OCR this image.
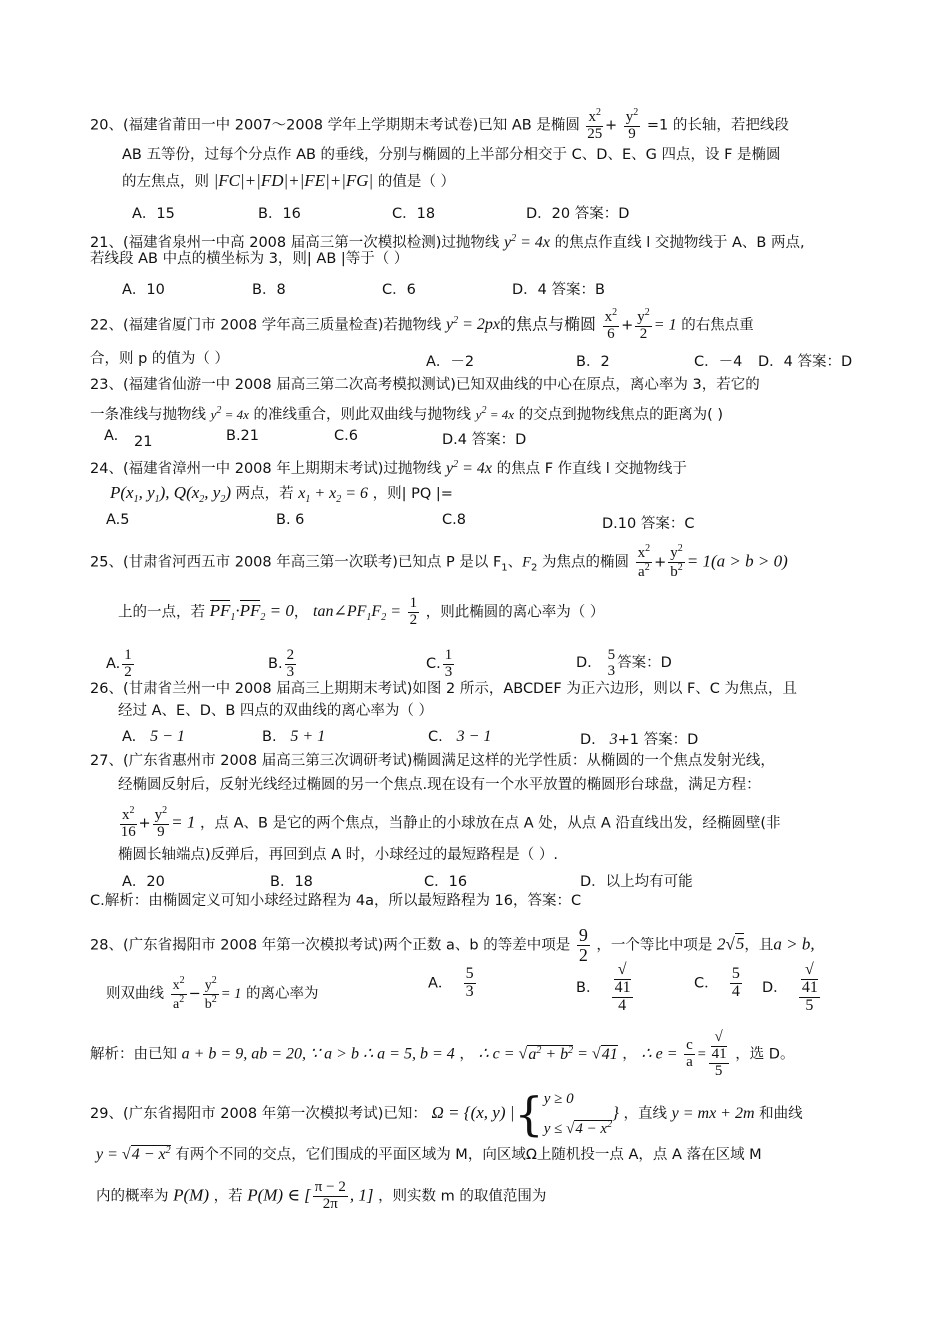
20、(福建省莆田一中 2007～2008 学年上学期期末考试卷)已知 AB 是椭圆 $\frac{x^2}{25} + \frac{y^2}{9} =1$ 的长轴，若把线段
AB 五等份，过每个分点作 AB 的垂线，分别与椭圆的上半部分相交于 C、D、E、G 四点，设 F 是椭圆
的左焦点，则 |FC|+|FD|+|FE|+|FG| 的值是（ ）
A．15	B．16	C．18	D．20 答案：D
21、(福建省泉州一中高 2008 届高三第一次模拟检测)过抛物线 $y^2 = 4x$ 的焦点作直线 l 交抛物线于 A、B 两点,
若线段 AB 中点的横坐标为 3，则| AB |等于（ ）
A．10	B．8	C．6	D．4 答案：B
22、(福建省厦门市 2008 学年高三质量检查)若抛物线 $y^2 = 2px$的焦点与椭圆 $\frac{x^2}{6} + \frac{y^2}{2} = 1$ 的右焦点重
合，则 p 的值为（ ）	A．－2	B．2	C．－4 D．4 答案：D
23、(福建省仙游一中 2008 届高三第二次高考模拟测试)已知双曲线的中心在原点，离心率为 3，若它的
一条准线与抛物线 $y^2 = 4x$ 的准线重合，则此双曲线与抛物线 $y^2 = 4x$ 的交点到抛物线焦点的距离为( )
A. 21	B.21	C.6	D.4 答案：D
24、(福建省漳州一中 2008 年上期期末考试)过抛物线 $y^2 = 4x$ 的焦点 F 作直线 l 交抛物线于
$P(x_1$, $y_1$), $Q(x_2$, $y_2$) 两点，若 $x_1 + x_2 = 6$ ，则| PQ |=
A.5	B. 6	C.8	D.10 答案：C
25、(甘肃省河西五市 2008 年高三第一次联考)已知点 P 是以 $F_1$、$F_2$ 为焦点的椭圆 $\frac{x^2}{a^2} + \frac{y^2}{b^2} = 1(a > b > 0)$
上的一点，若 $PF_1\cdot PF_2 = 0$， $\tan\angle PF_1F_2 = \frac{1}{2}$ ，则此椭圆的离心率为（ ）
A. $\frac{1}{2}$	B. $\frac{2}{3}$	C. $\frac{1}{3}$	D. 5
3 答案：D
26、(甘肃省兰州一中 2008 届高三上期期末考试)如图 2 所示，ABCDEF 为正六边形，则以 F、C 为焦点，且
经过 A、E、D、B 四点的双曲线的离心率为（ ）
A. 5 − 1	B. 5 + 1	C. 3 − 1	D. 3+1 答案：D
27、(广东省惠州市 2008 届高三第三次调研考试)椭圆满足这样的光学性质：从椭圆的一个焦点发射光线，
经椭圆反射后，反射光线经过椭圆的另一个焦点.现在设有一个水平放置的椭圆形台球盘，满足方程：
$\frac{x^2}{16} + \frac{y^2}{9} = 1$ ，点 A、B 是它的两个焦点，当静止的小球放在点 A 处，从点 A 沿直线出发，经椭圆壁(非
椭圆长轴端点)反弹后，再回到点 A 时，小球经过的最短路程是（ ）.
A．20	B．18	C．16	D．以上均有可能
C.解析：由椭圆定义可知小球经过路程为 4a，所以最短路程为 16，答案：C
28、(广东省揭阳市 2008 年第一次模拟考试)两个正数 a、b 的等差中项是 $\frac{9}{2}$ ，一个等比中项是 2√5，且a > b,
则双曲线 $\frac{x^2}{a^2} - \frac{y^2}{b^2} = 1$ 的离心率为
A． $\frac{5}{3}$	B． √
41
4	C． $\frac{5}{4}$ D． √
41
5
解析：由已知 a + b = 9, ab = 20, ∵ a > b ∴ a = 5, b = 4 ， ∴ $c = √a^2 + b^2 = √41$ ， ∴ $e = \frac{c}{a}$ = √
41
5 ，选 D。
29、(广东省揭阳市 2008 年第一次模拟考试)已知： Ω = {(x, y) |{ y ≥ 0
$y \le √4 - x^2$
} ，直线 y = mx + 2m 和曲线
$y = √4 - x^2$ 有两个不同的交点，它们围成的平面区域为 M，向区域Ω上随机投一点 A，点 A 落在区域 M
内的概率为 P(M) ，若 P(M) ∈ [ $\frac{\pi - 2}{2\pi}$ , 1] ，则实数 m 的取值范围为
